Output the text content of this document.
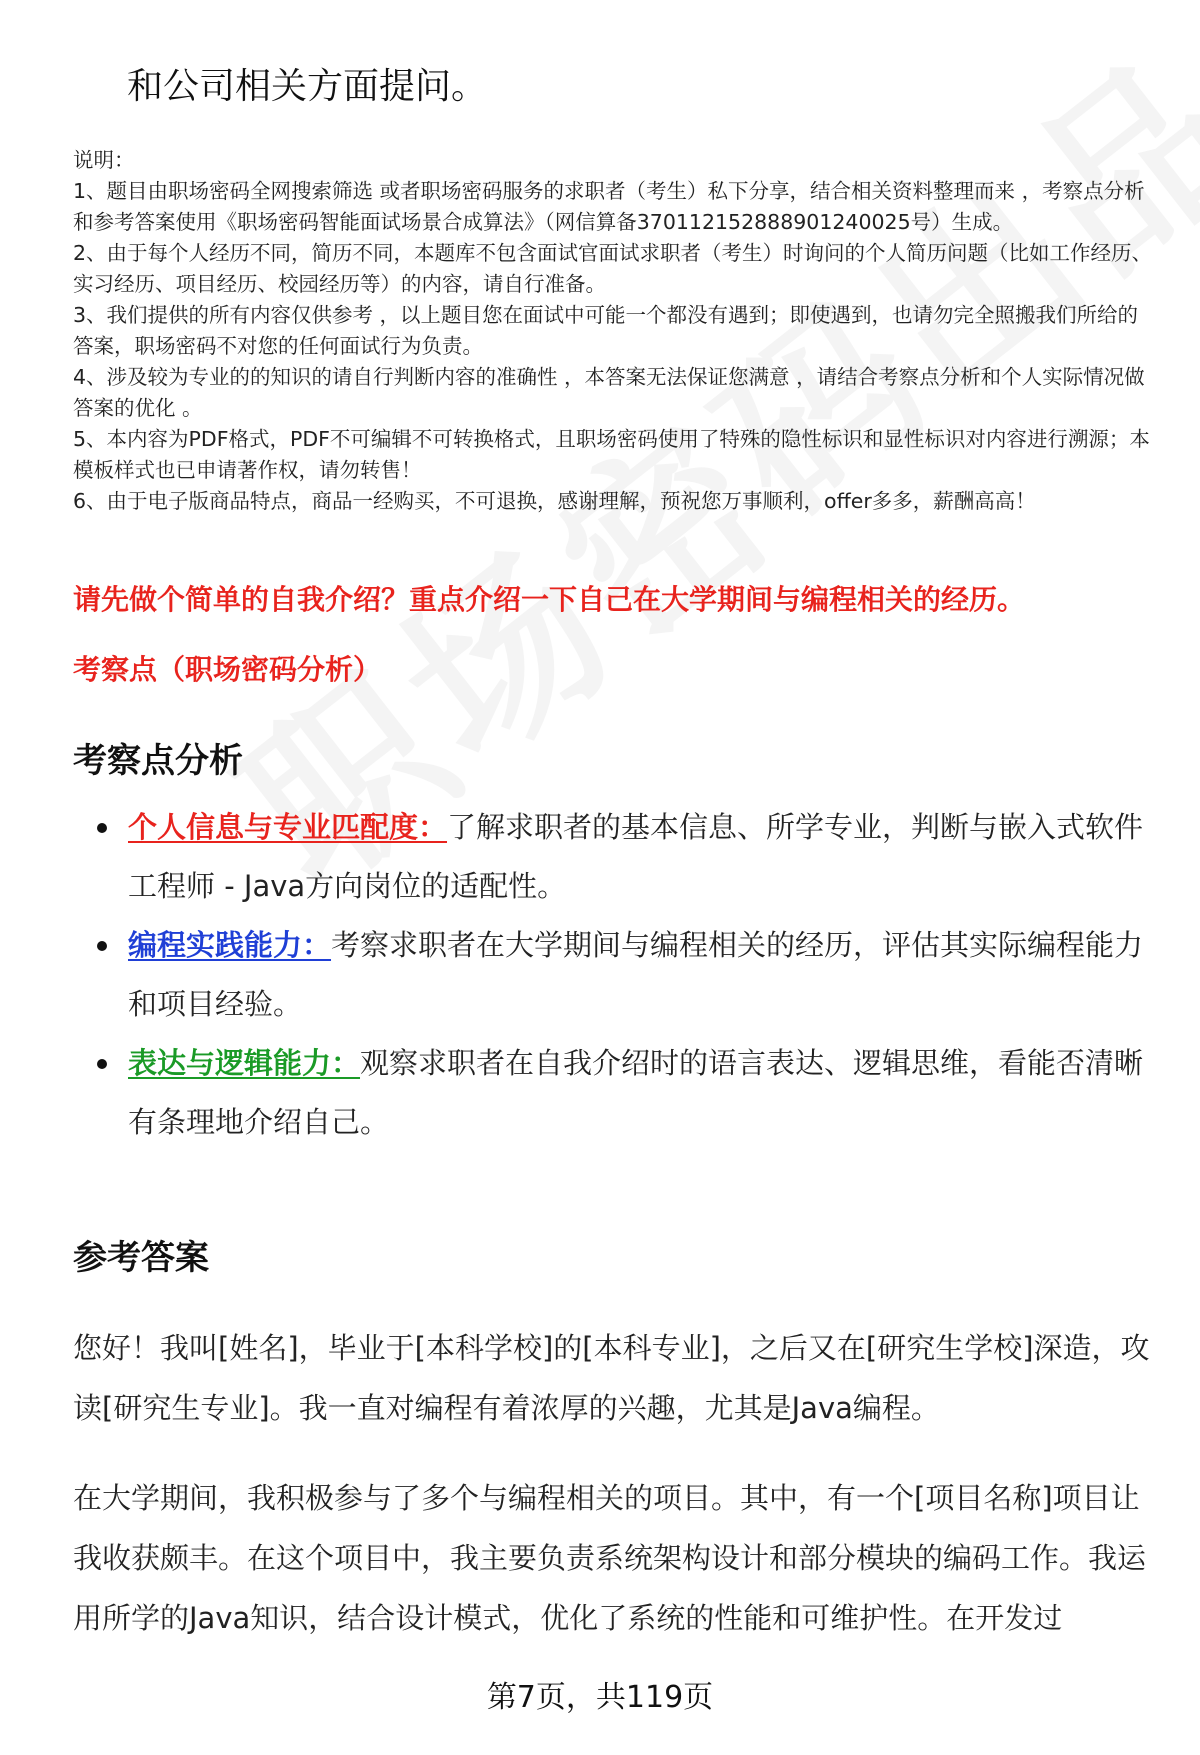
和公司相关方面提问。
说明：
1、题目由职场密码全网搜索筛选 或者职场密码服务的求职者（考生）私下分享，结合相关资料整理而来 ，考察点分析和参考答案使用《职场密码智能面试场景合成算法》（网信算备370112152888901240025号）生成。
2、由于每个人经历不同，简历不同，本题库不包含面试官面试求职者（考生）时询问的个人简历问题（比如工作经历、实习经历、项目经历、校园经历等）的内容，请自行准备。
3、我们提供的所有内容仅供参考 ，以上题目您在面试中可能一个都没有遇到；即使遇到，也请勿完全照搬我们所给的答案，职场密码不对您的任何面试行为负责。
4、涉及较为专业的的知识的请自行判断内容的准确性 ，本答案无法保证您满意 ，请结合考察点分析和个人实际情况做答案的优化 。
5、本内容为PDF格式，PDF不可编辑不可转换格式，且职场密码使用了特殊的隐性标识和显性标识对内容进行溯源；本模板样式也已申请著作权，请勿转售！
6、由于电子版商品特点，商品一经购买，不可退换，感谢理解，预祝您万事顺利，offer多多，薪酬高高！
请先做个简单的自我介绍？重点介绍一下自己在大学期间与编程相关的经历。
考察点（职场密码分析）
考察点分析
个人信息与专业匹配度：了解求职者的基本信息、所学专业，判断与嵌入式软件工程师 - Java方向岗位的适配性。
编程实践能力：考察求职者在大学期间与编程相关的经历，评估其实际编程能力和项目经验。
表达与逻辑能力：观察求职者在自我介绍时的语言表达、逻辑思维，看能否清晰有条理地介绍自己。
参考答案
您好！我叫[姓名]，毕业于[本科学校]的[本科专业]，之后又在[研究生学校]深造，攻读[研究生专业]。我一直对编程有着浓厚的兴趣，尤其是Java编程。
在大学期间，我积极参与了多个与编程相关的项目。其中，有一个[项目名称]项目让我收获颇丰。在这个项目中，我主要负责系统架构设计和部分模块的编码工作。我运用所学的Java知识，结合设计模式，优化了系统的性能和可维护性。在开发过
第7页，共119页
